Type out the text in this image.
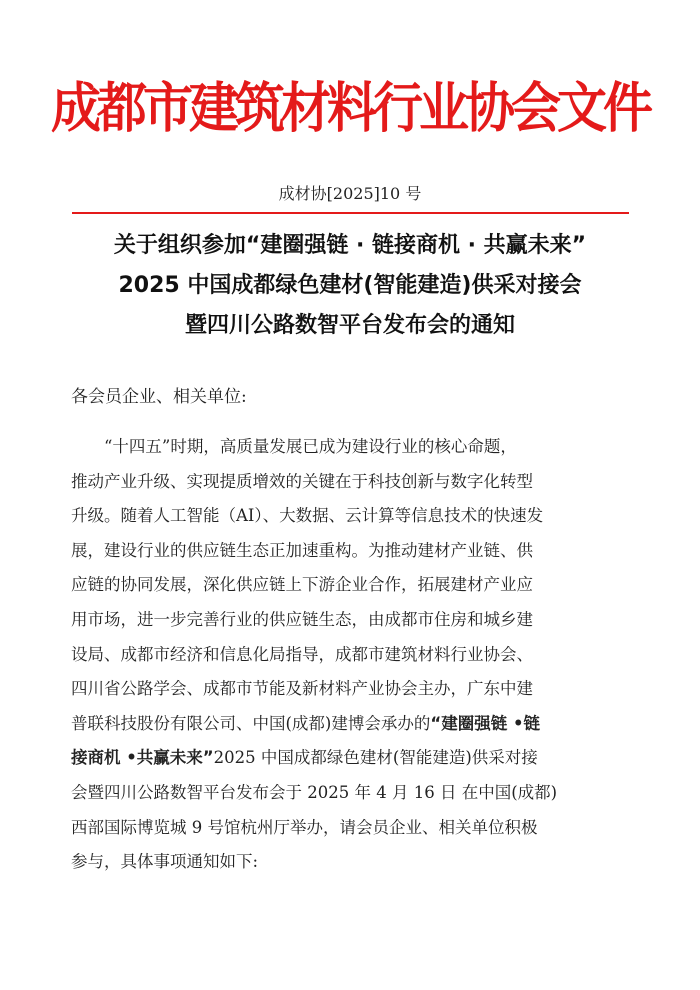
成都市建筑材料行业协会文件
成材协[2025]10 号
关于组织参加“建圈强链 · 链接商机 · 共赢未来”
2025 中国成都绿色建材(智能建造)供采对接会
暨四川公路数智平台发布会的通知
各会员企业、相关单位:
“十四五”时期，高质量发展已成为建设行业的核心命题，
推动产业升级、实现提质增效的关键在于科技创新与数字化转型
升级。随着人工智能（AI）、大数据、云计算等信息技术的快速发
展，建设行业的供应链生态正加速重构。为推动建材产业链、供
应链的协同发展，深化供应链上下游企业合作，拓展建材产业应
用市场，进一步完善行业的供应链生态，由成都市住房和城乡建
设局、成都市经济和信息化局指导，成都市建筑材料行业协会、
四川省公路学会、成都市节能及新材料产业协会主办，广东中建
普联科技股份有限公司、中国(成都)建博会承办的“建圈强链 •链
接商机 •共赢未来”2025 中国成都绿色建材(智能建造)供采对接
会暨四川公路数智平台发布会于 2025 年 4 月 16 日 在中国(成都)
西部国际博览城 9 号馆杭州厅举办，请会员企业、相关单位积极
参与，具体事项通知如下:
